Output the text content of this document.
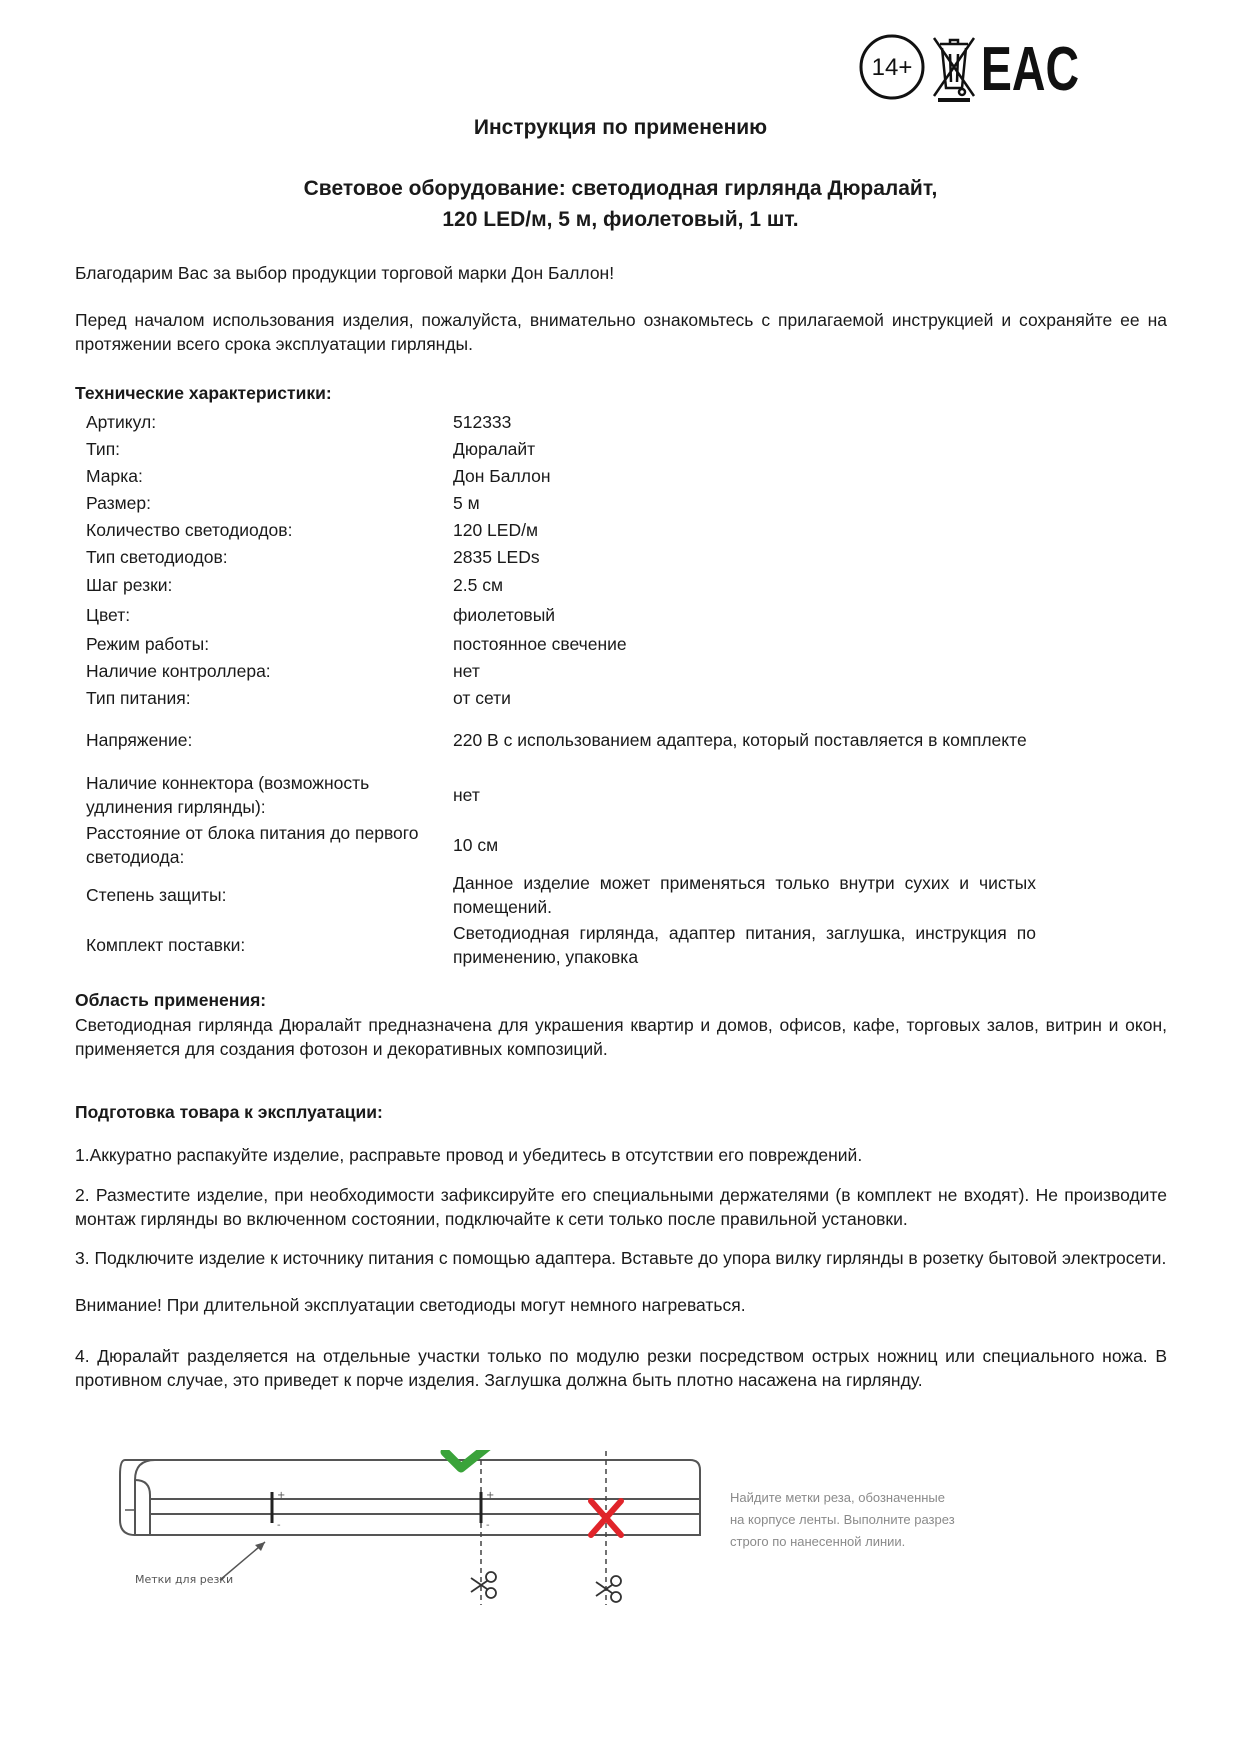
14+ EAC
Инструкция по применению
Световое оборудование: светодиодная гирлянда Дюралайт,
120 LED/м, 5 м, фиолетовый, 1 шт.
Благодарим Вас за выбор продукции торговой марки Дон Баллон!
Перед началом использования изделия, пожалуйста, внимательно ознакомьтесь с прилагаемой инструкцией и сохраняйте ее на протяжении всего срока эксплуатации гирлянды.
Технические характеристики:
Артикул:	512333
Тип:	Дюралайт
Марка:	Дон Баллон
Размер:	5 м
Количество светодиодов:	120 LED/м
Тип светодиодов:	2835 LEDs
Шаг резки:	2.5 см
Цвет:	фиолетовый
Режим работы:	постоянное свечение
Наличие контроллера:	нет
Тип питания:	от сети
Напряжение:	220 В с использованием адаптера, который поставляется в комплекте
Наличие коннектора (возможность удлинения гирлянды):	нет
Расстояние от блока питания до первого светодиода:	10 см
Степень защиты:	Данное изделие может применяться только внутри сухих и чистых помещений.
Комплект поставки:	Светодиодная гирлянда, адаптер питания, заглушка, инструкция по применению, упаковка
Область применения:
Светодиодная гирлянда Дюралайт предназначена для украшения квартир и домов, офисов, кафе, торговых залов, витрин и окон, применяется для создания фотозон и декоративных композиций.
Подготовка товара к эксплуатации:
1.Аккуратно распакуйте изделие, расправьте провод и убедитесь в отсутствии его повреждений.
2. Разместите изделие, при необходимости зафиксируйте его специальными держателями (в комплект не входят). Не производите монтаж гирлянды во включенном состоянии, подключайте к сети только после правильной установки.
3. Подключите изделие к источнику питания с помощью адаптера. Вставьте до упора вилку гирлянды в розетку бытовой электросети.
Внимание! При длительной эксплуатации светодиоды могут немного нагреваться.
4. Дюралайт разделяется на отдельные участки только по модулю резки посредством острых ножниц или специального ножа. В противном случае, это приведет к порче изделия. Заглушка должна быть плотно насажена на гирлянду.
+
-
+
-
Метки для резки
Найдите метки реза, обозначенные
на корпусе ленты. Выполните разрез
строго по нанесенной линии.
